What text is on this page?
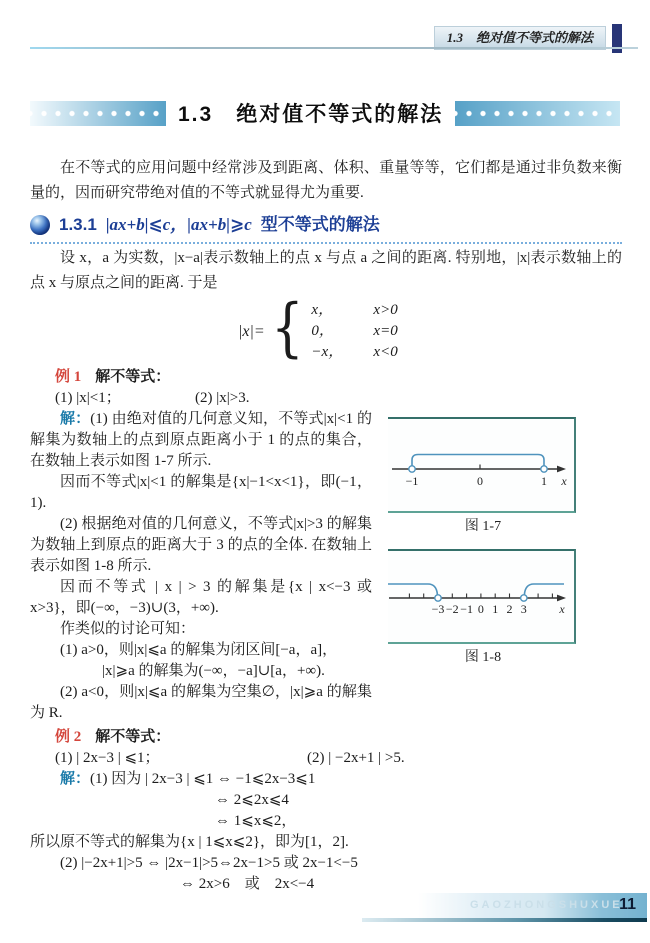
1.3　绝对值不等式的解法
1.3　绝对值不等式的解法

在不等式的应用问题中经常涉及到距离、体积、重量等等，它们都是通过非负数来衡量的，因而研究带绝对值的不等式就显得尤为重要.

1.3.1 |ax+b|⩽c，|ax+b|⩾c 型不等式的解法

设 x，a 为实数，|x−a|表示数轴上的点 x 与点 a 之间的距离. 特别地，|x|表示数轴上的点 x 与原点之间的距离. 于是

|x|= { x，	x>0
0，	x=0
−x，	x<0

例 1 解不等式：

(1) |x|<1；	(2) |x|>3.

−1	0	1 x
图 1-7
−3 −2 −1 0 1 2 3	x
图 1-8

解：(1) 由绝对值的几何意义知，不等式|x|<1 的解集为数轴上的点到原点距离小于 1 的点的集合，在数轴上表示如图 1-7 所示.

因而不等式|x|<1 的解集是{x|−1<x<1}，即(−1，1).

(2) 根据绝对值的几何意义，不等式|x|>3 的解集为数轴上到原点的距离大于 3 的点的全体. 在数轴上表示如图 1-8 所示.

因而不等式 | x | > 3 的解集是{x | x<−3 或 x>3}，即(−∞，−3)∪(3，+∞).

作类似的讨论可知：

(1) a>0，则|x|⩽a 的解集为闭区间[−a，a]，

|x|⩾a 的解集为(−∞，−a]∪[a，+∞).

(2) a<0，则|x|⩽a 的解集为空集∅，|x|⩾a 的解集为 R.

例 2 解不等式：

(1) | 2x−3 | ⩽1；	(2) | −2x+1 | >5.

解：(1) 因为 | 2x−3 | ⩽1 ⇔ −1⩽2x−3⩽1

⇔ 2⩽2x⩽4

⇔ 1⩽x⩽2，

所以原不等式的解集为{x | 1⩽x⩽2}，即为[1，2].

(2) |−2x+1|>5 ⇔ |2x−1|>5⇔2x−1>5 或 2x−1<−5

⇔ 2x>6　或　2x<−4

GAOZHONGSHUXUE
11
